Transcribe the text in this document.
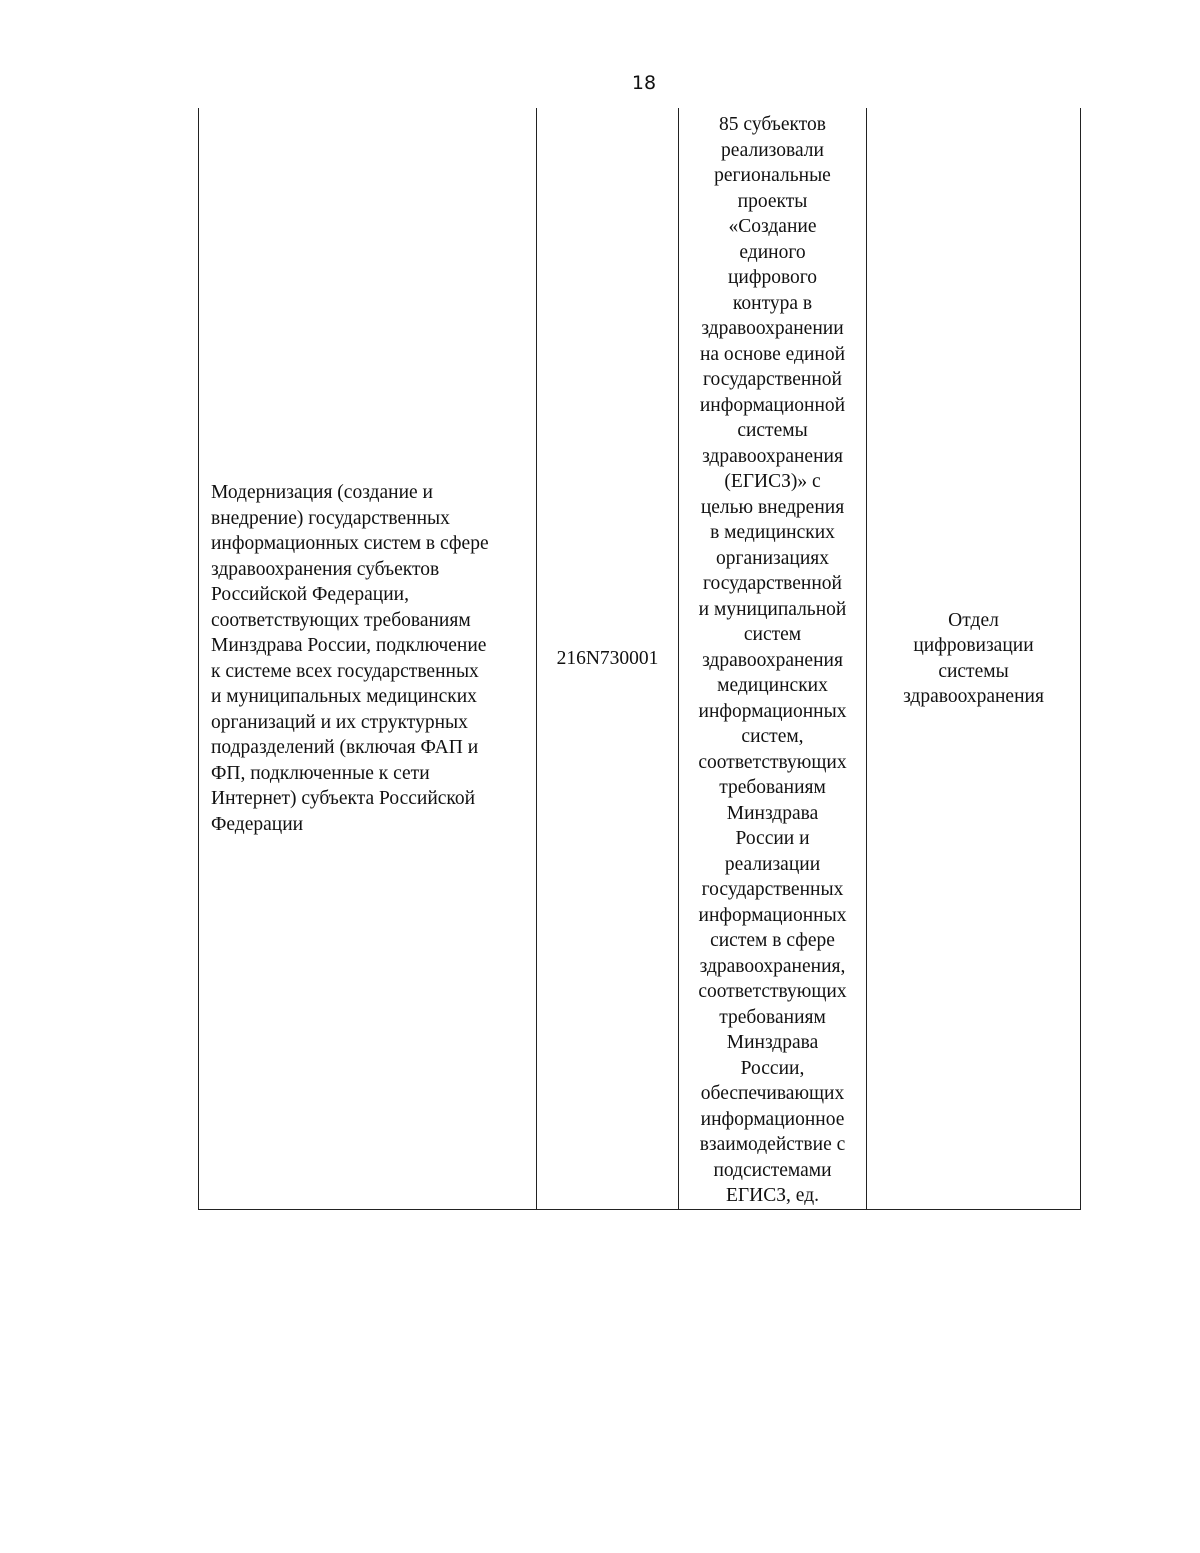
18
Модернизация (создание и
внедрение) государственных
информационных систем в сфере
здравоохранения субъектов
Российской Федерации,
соответствующих требованиям
Минздрава России, подключение
к системе всех государственных
и муниципальных медицинских
организаций и их структурных
подразделений (включая ФАП и
ФП, подключенные к сети
Интернет) субъекта Российской
Федерации	216N730001	85 субъектов
реализовали
региональные
проекты
«Создание
единого
цифрового
контура в
здравоохранении
на основе единой
государственной
информационной
системы
здравоохранения
(ЕГИСЗ)» с
целью внедрения
в медицинских
организациях
государственной
и муниципальной
систем
здравоохранения
медицинских
информационных
систем,
соответствующих
требованиям
Минздрава
России и
реализации
государственных
информационных
систем в сфере
здравоохранения,
соответствующих
требованиям
Минздрава
России,
обеспечивающих
информационное
взаимодействие с
подсистемами
ЕГИСЗ, ед.	Отдел
цифровизации
системы
здравоохранения
